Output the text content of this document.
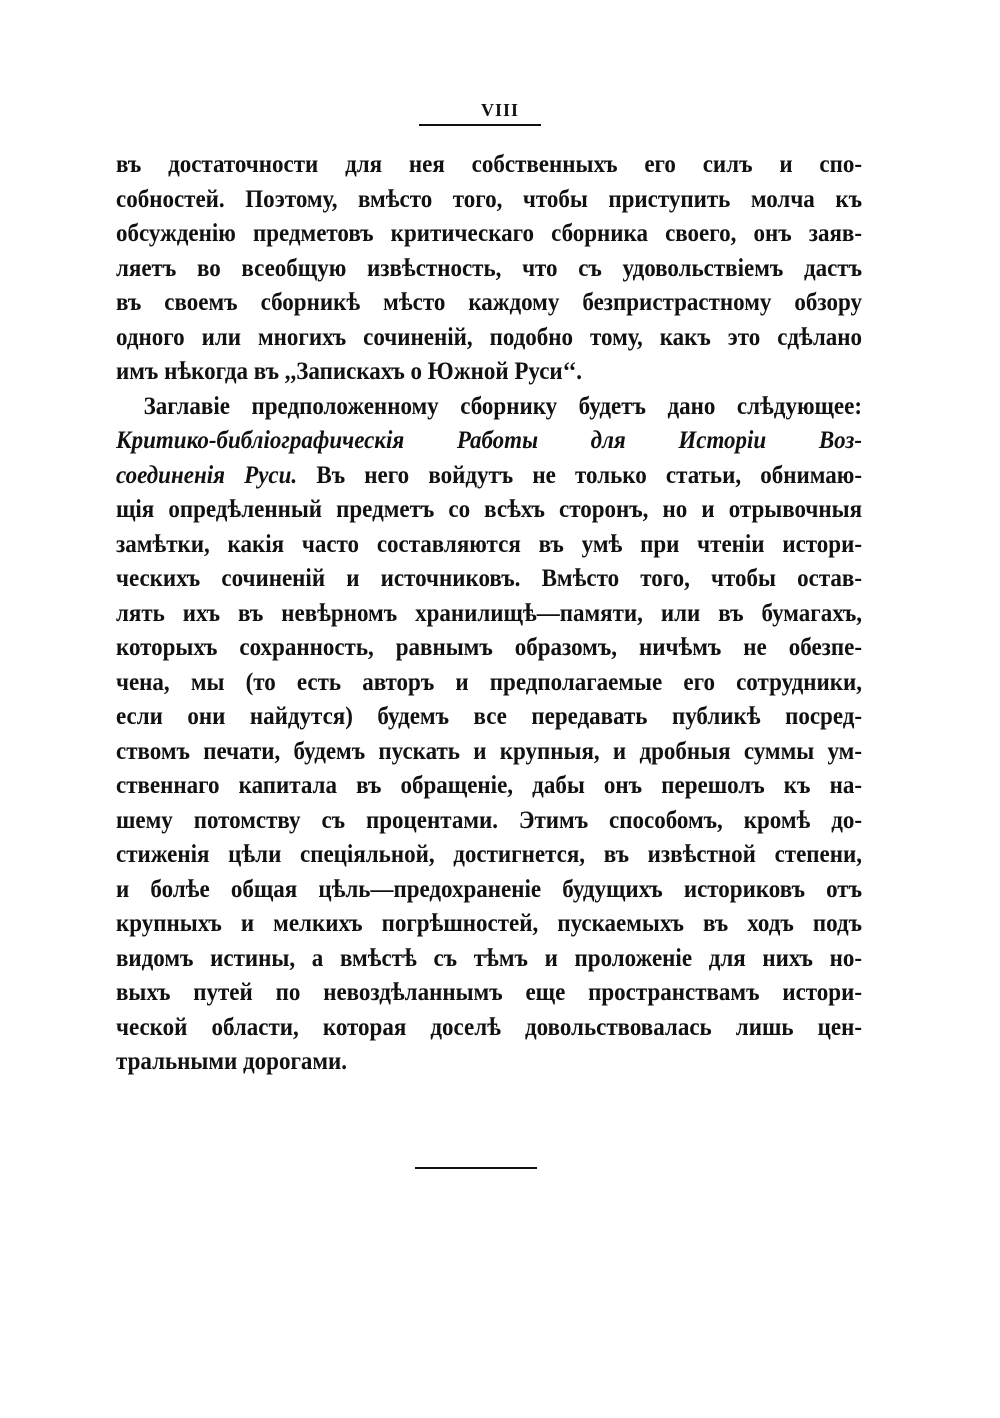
VIII
въ достаточности для нея собственныхъ его силъ и спо-
собностей. Поэтому, вмѣсто того, чтобы приступить молча къ
обсужденію предметовъ критическаго сборника своего, онъ заяв-
ляетъ во всеобщую извѣстность, что съ удовольствіемъ дастъ
въ своемъ сборникѣ мѣсто каждому безпристрастному обзору
одного или многихъ сочиненій, подобно тому, какъ это сдѣлано
имъ нѣкогда въ ,,Запискахъ о Южной Руси‘‘.
Заглавіе предположенному сборнику будетъ дано слѣдующее:
Критико-библіографическія Работы для Исторіи Воз-
соединенія Руси. Въ него войдутъ не только статьи, обнимаю-
щія опредѣленный предметъ со всѣхъ сторонъ, но и отрывочныя
замѣтки, какія часто составляются въ умѣ при чтеніи истори-
ческихъ сочиненій и источниковъ. Вмѣсто того, чтобы остав-
лять ихъ въ невѣрномъ хранилищѣ—памяти, или въ бумагахъ,
которыхъ сохранность, равнымъ образомъ, ничѣмъ не обезпе-
чена, мы (то есть авторъ и предполагаемые его сотрудники,
если они найдутся) будемъ все передавать публикѣ посред-
ствомъ печати, будемъ пускать и крупныя, и дробныя суммы ум-
ственнаго капитала въ обращеніе, дабы онъ перешолъ къ на-
шему потомству съ процентами. Этимъ способомъ, кромѣ до-
стиженія цѣли спеціяльной, достигнется, въ извѣстной степени,
и болѣе общая цѣль—предохраненіе будущихъ историковъ отъ
крупныхъ и мелкихъ погрѣшностей, пускаемыхъ въ ходъ подъ
видомъ истины, а вмѣстѣ съ тѣмъ и проложеніе для нихъ но-
выхъ путей по невоздѣланнымъ еще пространствамъ истори-
ческой области, которая доселѣ довольствовалась лишь цен-
тральными дорогами.
